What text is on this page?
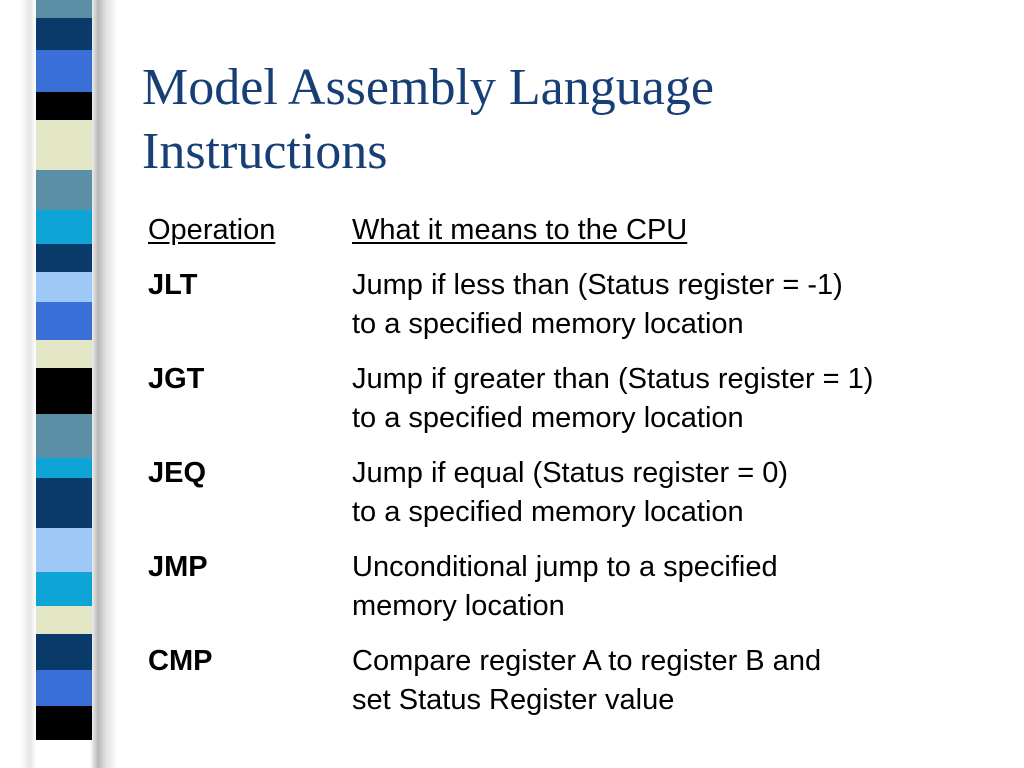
Model Assembly Language
Instructions
Operation	What it means to the CPU
JLT	Jump if less than (Status register = -1)
to a specified memory location
JGT	Jump if greater than (Status register = 1)
to a specified memory location
JEQ	Jump if equal (Status register = 0)
to a specified memory location
JMP	Unconditional jump to a specified
memory location
CMP	Compare register A to register B and
set Status Register value
